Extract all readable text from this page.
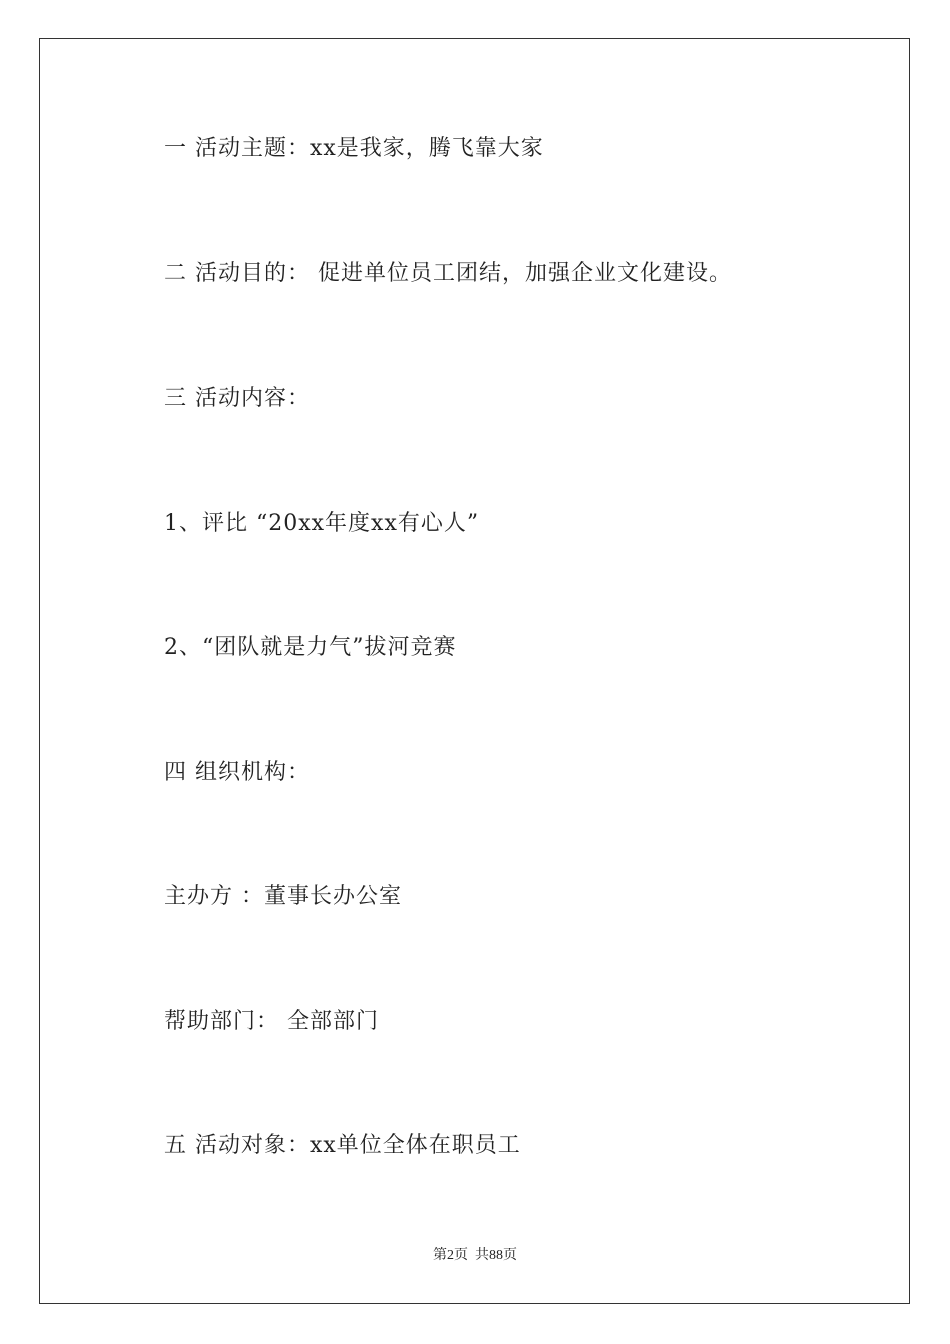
一 活动主题：xx是我家，腾飞靠大家
二 活动目的： 促进单位员工团结，加强企业文化建设。
三 活动内容：
1、评比 “20xx年度xx有心人”
2、“团队就是力气”拔河竞赛
四 组织机构：
主办方 ：董事长办公室
帮助部门： 全部部门
五 活动对象：xx单位全体在职员工
第2页  共88页
